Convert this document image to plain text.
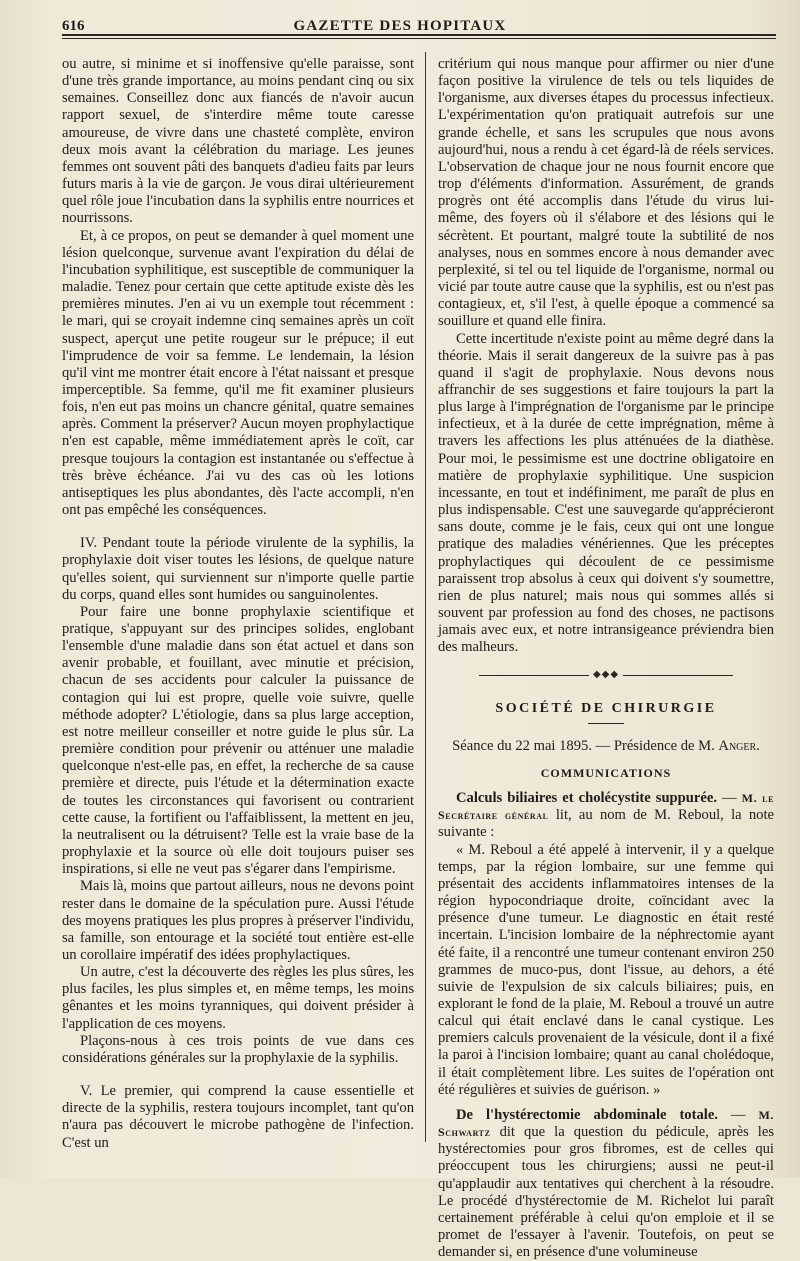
616	GAZETTE DES HOPITAUX

ou autre, si minime et si inoffensive qu'elle paraisse, sont d'une très grande importance, au moins pendant cinq ou six semaines. Conseillez donc aux fiancés de n'avoir aucun rapport sexuel, de s'interdire même toute caresse amoureuse, de vivre dans une chasteté complète, environ deux mois avant la célébration du mariage. Les jeunes femmes ont souvent pâti des banquets d'adieu faits par leurs futurs maris à la vie de garçon. Je vous dirai ultérieurement quel rôle joue l'incubation dans la syphilis entre nourrices et nourrissons.

Et, à ce propos, on peut se demander à quel moment une lésion quelconque, survenue avant l'expiration du délai de l'incubation syphilitique, est susceptible de communiquer la maladie. Tenez pour certain que cette aptitude existe dès les premières minutes. J'en ai vu un exemple tout récemment : le mari, qui se croyait indemne cinq semaines après un coït suspect, aperçut une petite rougeur sur le prépuce; il eut l'imprudence de voir sa femme. Le lendemain, la lésion qu'il vint me montrer était encore à l'état naissant et presque imperceptible. Sa femme, qu'il me fit examiner plusieurs fois, n'en eut pas moins un chancre génital, quatre semaines après. Comment la préserver? Aucun moyen prophylactique n'en est capable, même immédiatement après le coït, car presque toujours la contagion est instantanée ou s'effectue à très brève échéance. J'ai vu des cas où les lotions antiseptiques les plus abondantes, dès l'acte accompli, n'en ont pas empêché les conséquences.

IV. Pendant toute la période virulente de la syphilis, la prophylaxie doit viser toutes les lésions, de quelque nature qu'elles soient, qui surviennent sur n'importe quelle partie du corps, quand elles sont humides ou sanguinolentes.

Pour faire une bonne prophylaxie scientifique et pratique, s'appuyant sur des principes solides, englobant l'ensemble d'une maladie dans son état actuel et dans son avenir probable, et fouillant, avec minutie et précision, chacun de ses accidents pour calculer la puissance de contagion qui lui est propre, quelle voie suivre, quelle méthode adopter? L'étiologie, dans sa plus large acception, est notre meilleur conseiller et notre guide le plus sûr. La première condition pour prévenir ou atténuer une maladie quelconque n'est-elle pas, en effet, la recherche de sa cause première et directe, puis l'étude et la détermination exacte de toutes les circonstances qui favorisent ou contrarient cette cause, la fortifient ou l'affaiblissent, la mettent en jeu, la neutralisent ou la détruisent? Telle est la vraie base de la prophylaxie et la source où elle doit toujours puiser ses inspirations, si elle ne veut pas s'égarer dans l'empirisme.

Mais là, moins que partout ailleurs, nous ne devons point rester dans le domaine de la spéculation pure. Aussi l'étude des moyens pratiques les plus propres à préserver l'individu, sa famille, son entourage et la société tout entière est-elle un corollaire impératif des idées prophylactiques.

Un autre, c'est la découverte des règles les plus sûres, les plus faciles, les plus simples et, en même temps, les moins gênantes et les moins tyranniques, qui doivent présider à l'application de ces moyens.

Plaçons-nous à ces trois points de vue dans ces considérations générales sur la prophylaxie de la syphilis.

V. Le premier, qui comprend la cause essentielle et directe de la syphilis, restera toujours incomplet, tant qu'on n'aura pas découvert le microbe pathogène de l'infection. C'est un

critérium qui nous manque pour affirmer ou nier d'une façon positive la virulence de tels ou tels liquides de l'organisme, aux diverses étapes du processus infectieux. L'expérimentation qu'on pratiquait autrefois sur une grande échelle, et sans les scrupules que nous avons aujourd'hui, nous a rendu à cet égard-là de réels services. L'observation de chaque jour ne nous fournit encore que trop d'éléments d'information. Assurément, de grands progrès ont été accomplis dans l'étude du virus lui-même, des foyers où il s'élabore et des lésions qui le sécrètent. Et pourtant, malgré toute la subtilité de nos analyses, nous en sommes encore à nous demander avec perplexité, si tel ou tel liquide de l'organisme, normal ou vicié par toute autre cause que la syphilis, est ou n'est pas contagieux, et, s'il l'est, à quelle époque a commencé sa souillure et quand elle finira.

Cette incertitude n'existe point au même degré dans la théorie. Mais il serait dangereux de la suivre pas à pas quand il s'agit de prophylaxie. Nous devons nous affranchir de ses suggestions et faire toujours la part la plus large à l'imprégnation de l'organisme par le principe infectieux, et à la durée de cette imprégnation, même à travers les affections les plus atténuées de la diathèse. Pour moi, le pessimisme est une doctrine obligatoire en matière de prophylaxie syphilitique. Une suspicion incessante, en tout et indéfiniment, me paraît de plus en plus indispensable. C'est une sauvegarde qu'apprécieront sans doute, comme je le fais, ceux qui ont une longue pratique des maladies vénériennes. Que les préceptes prophylactiques qui découlent de ce pessimisme paraissent trop absolus à ceux qui doivent s'y soumettre, rien de plus naturel; mais nous qui sommes allés si souvent par profession au fond des choses, ne pactisons jamais avec eux, et notre intransigeance préviendra bien des malheurs.

◆◆◆
SOCIÉTÉ DE CHIRURGIE
Séance du 22 mai 1895. — Présidence de M. Anger.
COMMUNICATIONS

Calculs biliaires et cholécystite suppurée. — M. le Secrétaire général lit, au nom de M. Reboul, la note suivante :

« M. Reboul a été appelé à intervenir, il y a quelque temps, par la région lombaire, sur une femme qui présentait des accidents inflammatoires intenses de la région hypocondriaque droite, coïncidant avec la présence d'une tumeur. Le diagnostic en était resté incertain. L'incision lombaire de la néphrectomie ayant été faite, il a rencontré une tumeur contenant environ 250 grammes de muco-pus, dont l'issue, au dehors, a été suivie de l'expulsion de six calculs biliaires; puis, en explorant le fond de la plaie, M. Reboul a trouvé un autre calcul qui était enclavé dans le canal cystique. Les premiers calculs provenaient de la vésicule, dont il a fixé la paroi à l'incision lombaire; quant au canal cholédoque, il était complètement libre. Les suites de l'opération ont été régulières et suivies de guérison. »

De l'hystérectomie abdominale totale. — M. Schwartz dit que la question du pédicule, après les hystérectomies pour gros fibromes, est de celles qui préoccupent tous les chirurgiens; aussi ne peut-il qu'applaudir aux tentatives qui cherchent à la résoudre. Le procédé d'hystérectomie de M. Richelot lui paraît certainement préférable à celui qu'on emploie et il se promet de l'essayer à l'avenir. Toutefois, on peut se demander si, en présence d'une volumineuse
